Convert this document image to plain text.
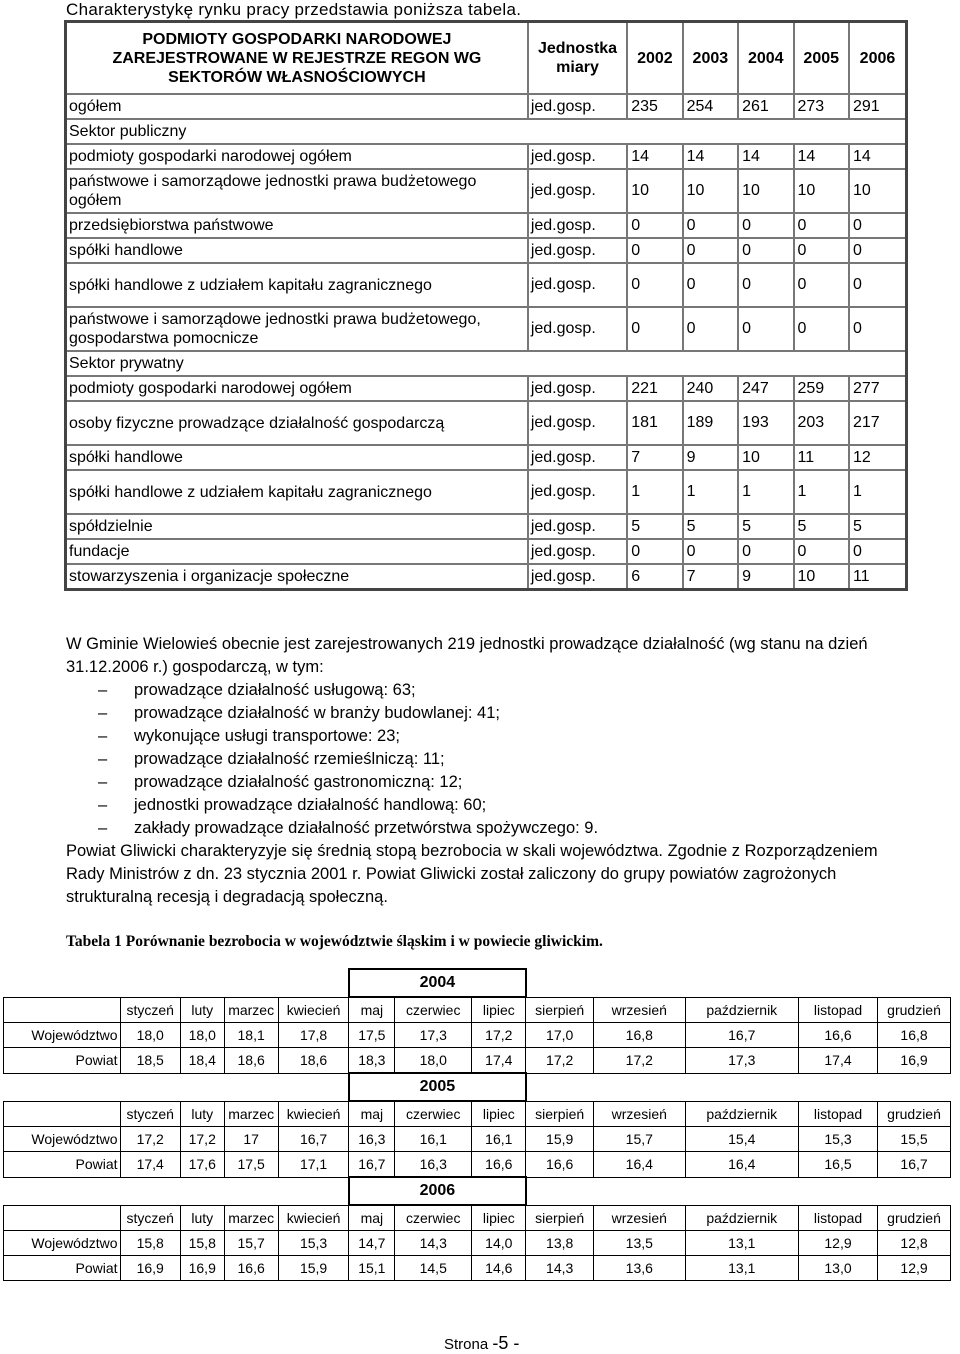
Charakterystykę rynku pracy przedstawia poniższa tabela.
PODMIOTY GOSPODARKI NARODOWEJ ZAREJESTROWANE W REJESTRZE REGON WG SEKTORÓW WŁASNOŚCIOWYCH	Jednostka miary	2002	2003	2004	2005	2006
ogółem	jed.gosp.	235	254	261	273	291
Sektor publiczny						
podmioty gospodarki narodowej ogółem	jed.gosp.	14	14	14	14	14
państwowe i samorządowe jednostki prawa budżetowego ogółem	jed.gosp.	10	10	10	10	10
przedsiębiorstwa państwowe	jed.gosp.	0	0	0	0	0
spółki handlowe	jed.gosp.	0	0	0	0	0
spółki handlowe z udziałem kapitału zagranicznego	jed.gosp.	0	0	0	0	0
państwowe i samorządowe jednostki prawa budżetowego, gospodarstwa pomocnicze	jed.gosp.	0	0	0	0	0
Sektor prywatny						
podmioty gospodarki narodowej ogółem	jed.gosp.	221	240	247	259	277
osoby fizyczne prowadzące działalność gospodarczą	jed.gosp.	181	189	193	203	217
spółki handlowe	jed.gosp.	7	9	10	11	12
spółki handlowe z udziałem kapitału zagranicznego	jed.gosp.	1	1	1	1	1
spółdzielnie	jed.gosp.	5	5	5	5	5
fundacje	jed.gosp.	0	0	0	0	0
stowarzyszenia i organizacje społeczne	jed.gosp.	6	7	9	10	11

W Gminie Wielowieś obecnie jest zarejestrowanych 219 jednostki prowadzące działalność (wg stanu na dzień 31.12.2006 r.) gospodarczą, w tym:

– prowadzące działalność usługową: 63;
– prowadzące działalność w branży budowlanej: 41;
– wykonujące usługi transportowe: 23;
– prowadzące działalność rzemieślniczą: 11;
– prowadzące działalność gastronomiczną: 12;
– jednostki prowadzące działalność handlową: 60;
– zakłady prowadzące działalność przetwórstwa spożywczego: 9.

Powiat Gliwicki charakteryzyje się średnią stopą bezrobocia w skali województwa. Zgodnie z Rozporządzeniem Rady Ministrów z dn. 23 stycznia 2001 r. Powiat Gliwicki został zaliczony do grupy powiatów zagrożonych strukturalną recesją i degradacją społeczną.

Tabela 1 Porównanie bezrobocia w województwie śląskim i w powiecie gliwickim.
					2004							
	styczeń	luty	marzec	kwiecień	maj	czerwiec	lipiec	sierpień	wrzesień	październik	listopad	grudzień
Województwo	18,0	18,0	18,1	17,8	17,5	17,3	17,2	17,0	16,8	16,7	16,6	16,8
Powiat	18,5	18,4	18,6	18,6	18,3	18,0	17,4	17,2	17,2	17,3	17,4	16,9
					2005							
	styczeń	luty	marzec	kwiecień	maj	czerwiec	lipiec	sierpień	wrzesień	październik	listopad	grudzień
Województwo	17,2	17,2	17	16,7	16,3	16,1	16,1	15,9	15,7	15,4	15,3	15,5
Powiat	17,4	17,6	17,5	17,1	16,7	16,3	16,6	16,6	16,4	16,4	16,5	16,7
					2006							
	styczeń	luty	marzec	kwiecień	maj	czerwiec	lipiec	sierpień	wrzesień	październik	listopad	grudzień
Województwo	15,8	15,8	15,7	15,3	14,7	14,3	14,0	13,8	13,5	13,1	12,9	12,8
Powiat	16,9	16,9	16,6	15,9	15,1	14,5	14,6	14,3	13,6	13,1	13,0	12,9
Strona -5 -
